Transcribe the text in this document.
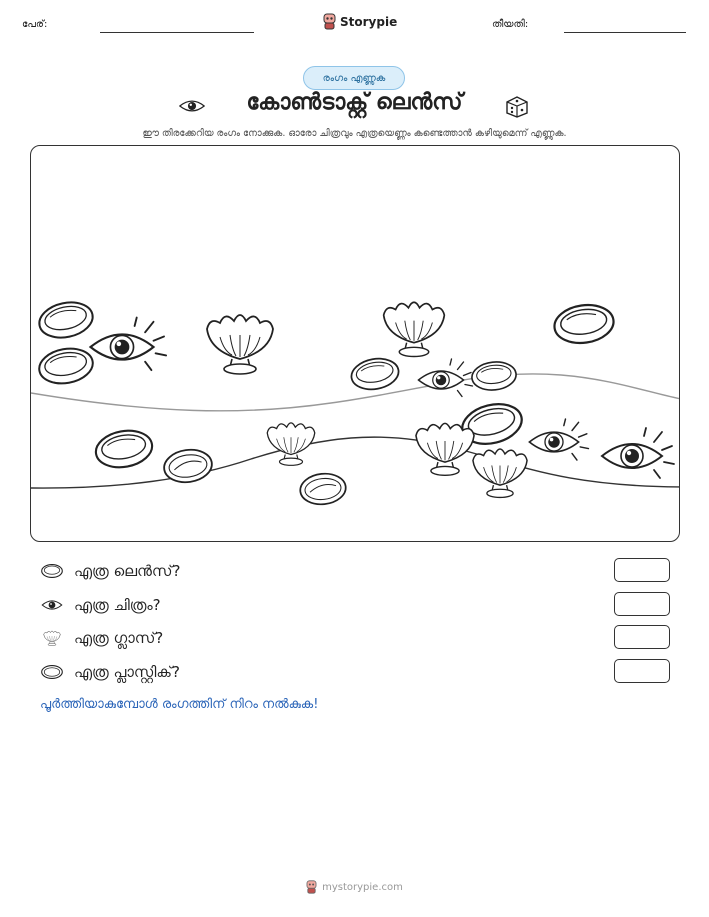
പേര്:	Storypie	തീയതി:
രംഗം എണ്ണുക
കോൺടാക്റ്റ് ലെൻസ്
ഈ തിരക്കേറിയ രംഗം നോക്കുക. ഓരോ ചിത്രവും എത്രയെണ്ണം കണ്ടെത്താൻ കഴിയുമെന്ന് എണ്ണുക.
എത്ര ലെൻസ്?
എത്ര ചിത്രം?
എത്ര ഗ്ലാസ്?
എത്ര പ്ലാസ്റ്റിക്?
പൂർത്തിയാകുമ്പോൾ രംഗത്തിന് നിറം നൽകുക!
mystorypie.com
